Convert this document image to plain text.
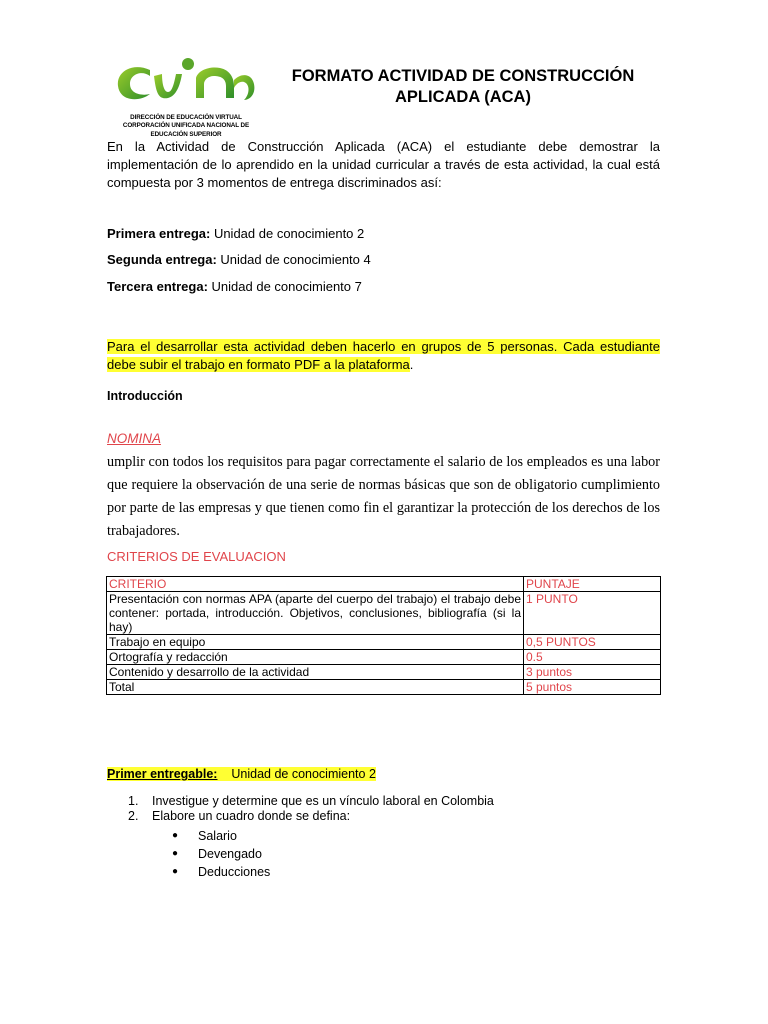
DIRECCIÓN DE EDUCACIÓN VIRTUAL
CORPORACIÓN UNIFICADA NACIONAL DE
EDUCACIÓN SUPERIOR
FORMATO ACTIVIDAD DE CONSTRUCCIÓN
APLICADA (ACA)
En la Actividad de Construcción Aplicada (ACA) el estudiante debe demostrar la implementación de lo aprendido en la unidad curricular a través de esta actividad, la cual está compuesta por 3 momentos de entrega discriminados así:
Primera entrega: Unidad de conocimiento 2
Segunda entrega: Unidad de conocimiento 4
Tercera entrega: Unidad de conocimiento 7
Para el desarrollar esta actividad deben hacerlo en grupos de 5 personas. Cada estudiante debe subir el trabajo en formato PDF a la plataforma.
Introducción
NOMINA
umplir con todos los requisitos para pagar correctamente el salario de los empleados es una labor que requiere la observación de una serie de normas básicas que son de obligatorio cumplimiento por parte de las empresas y que tienen como fin el garantizar la protección de los derechos de los trabajadores.
CRITERIOS DE EVALUACION
CRITERIO	PUNTAJE
Presentación con normas APA (aparte del cuerpo del trabajo) el trabajo debe contener: portada, introducción. Objetivos, conclusiones, bibliografía (si la hay)	1 PUNTO
Trabajo en equipo	0,5 PUNTOS
Ortografía y redacción	0.5
Contenido y desarrollo de la actividad	3 puntos
Total	5 puntos
Primer entregable:    Unidad de conocimiento 2
1.	Investigue y determine que es un vínculo laboral en Colombia
2.	Elabore un cuadro donde se defina:
●	Salario
●	Devengado
●	Deducciones
